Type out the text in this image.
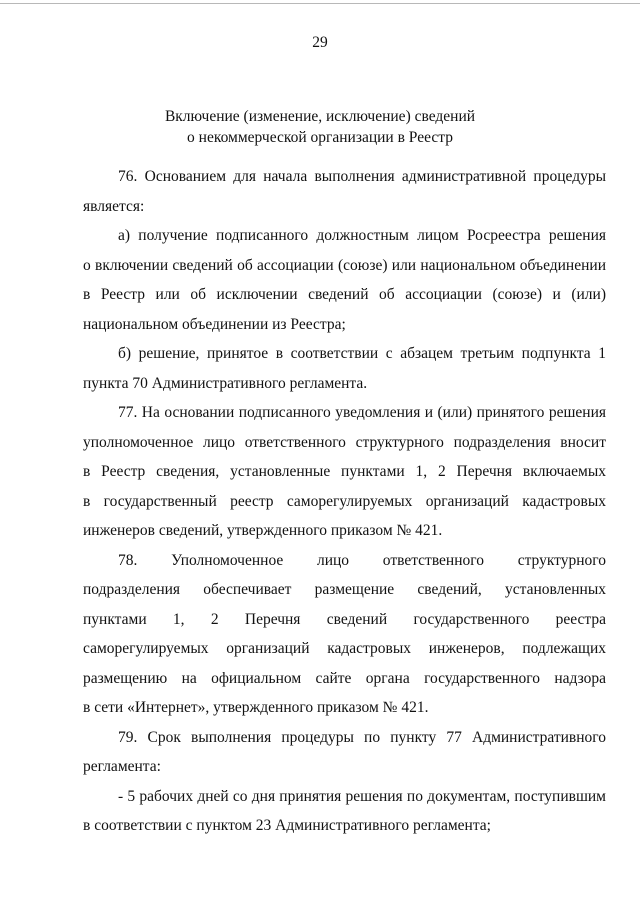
29
Включение (изменение, исключение) сведений
о некоммерческой организации в Реестр
76. Основанием для начала выполнения административной процедуры
является:
а) получение подписанного должностным лицом Росреестра решения
о включении сведений об ассоциации (союзе) или национальном объединении
в Реестр или об исключении сведений об ассоциации (союзе) и (или)
национальном объединении из Реестра;
б) решение, принятое в соответствии с абзацем третьим подпункта 1
пункта 70 Административного регламента.
77. На основании подписанного уведомления и (или) принятого решения
уполномоченное лицо ответственного структурного подразделения вносит
в Реестр сведения, установленные пунктами 1, 2 Перечня включаемых
в государственный реестр саморегулируемых организаций кадастровых
инженеров сведений, утвержденного приказом № 421.
78. Уполномоченное лицо ответственного структурного
подразделения обеспечивает размещение сведений, установленных
пунктами 1, 2 Перечня сведений государственного реестра
саморегулируемых организаций кадастровых инженеров, подлежащих
размещению на официальном сайте органа государственного надзора
в сети «Интернет», утвержденного приказом № 421.
79. Срок выполнения процедуры по пункту 77 Административного
регламента:
- 5 рабочих дней со дня принятия решения по документам, поступившим
в соответствии с пунктом 23 Административного регламента;
